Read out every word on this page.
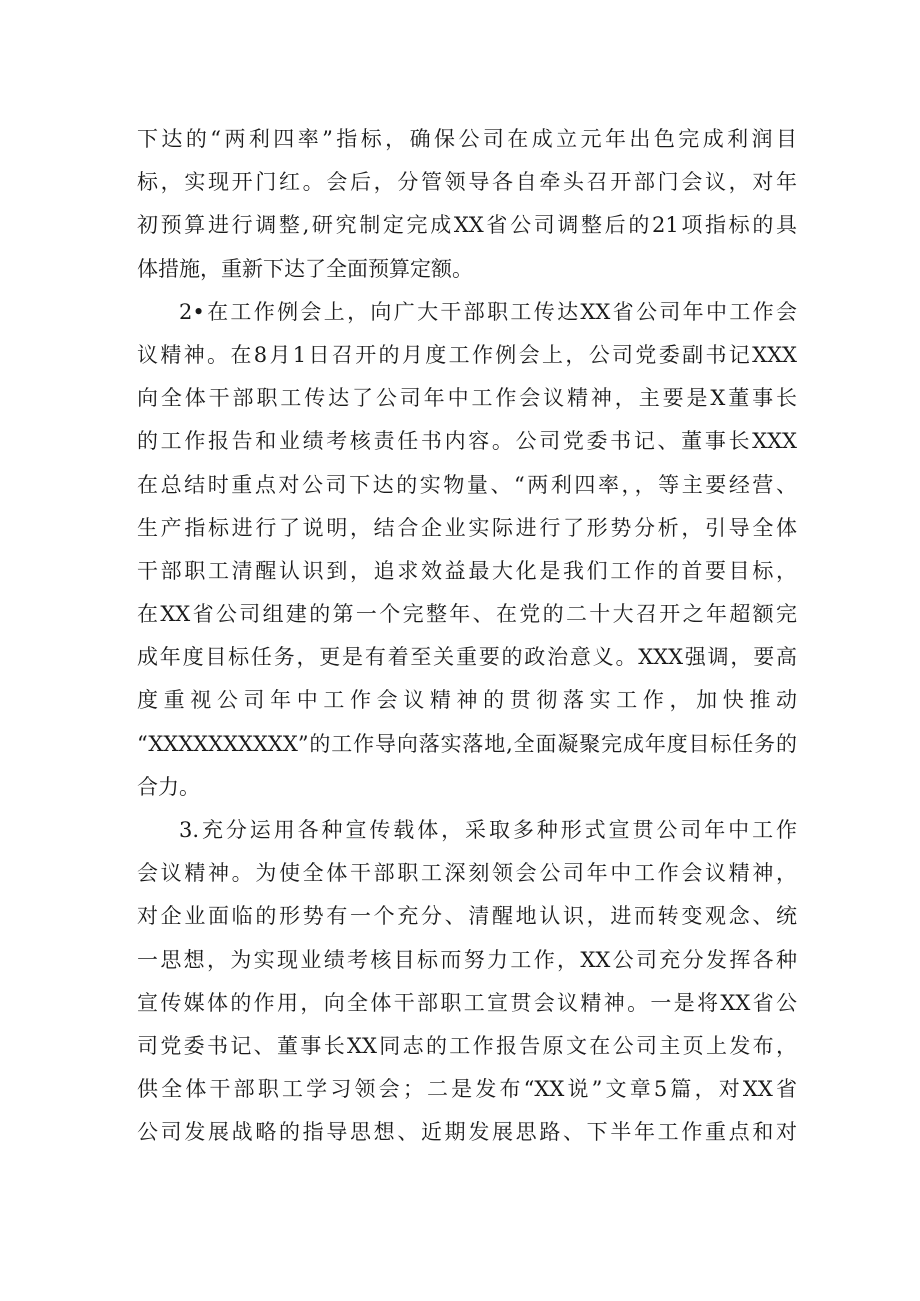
下达的“两利四率”指标，确保公司在成立元年出色完成利润目
标，实现开门红。会后，分管领导各自牵头召开部门会议，对年
初预算进行调整,研究制定完成XX省公司调整后的21项指标的具
体措施，重新下达了全面预算定额。
2•在工作例会上，向广大干部职工传达XX省公司年中工作会
议精神。在8月1日召开的月度工作例会上，公司党委副书记XXX
向全体干部职工传达了公司年中工作会议精神，主要是X董事长
的工作报告和业绩考核责任书内容。公司党委书记、董事长XXX
在总结时重点对公司下达的实物量、“两利四率，，等主要经营、
生产指标进行了说明，结合企业实际进行了形势分析，引导全体
干部职工清醒认识到，追求效益最大化是我们工作的首要目标，
在XX省公司组建的第一个完整年、在党的二十大召开之年超额完
成年度目标任务，更是有着至关重要的政治意义。XXX强调，要高
度重视公司年中工作会议精神的贯彻落实工作，加快推动
“XXXXXXXXXX”的工作导向落实落地,全面凝聚完成年度目标任务的
合力。
3.充分运用各种宣传载体，采取多种形式宣贯公司年中工作
会议精神。为使全体干部职工深刻领会公司年中工作会议精神，
对企业面临的形势有一个充分、清醒地认识，进而转变观念、统
一思想，为实现业绩考核目标而努力工作，XX公司充分发挥各种
宣传媒体的作用，向全体干部职工宣贯会议精神。一是将XX省公
司党委书记、董事长XX同志的工作报告原文在公司主页上发布，
供全体干部职工学习领会；二是发布“XX说”文章5篇，对XX省
公司发展战略的指导思想、近期发展思路、下半年工作重点和对
